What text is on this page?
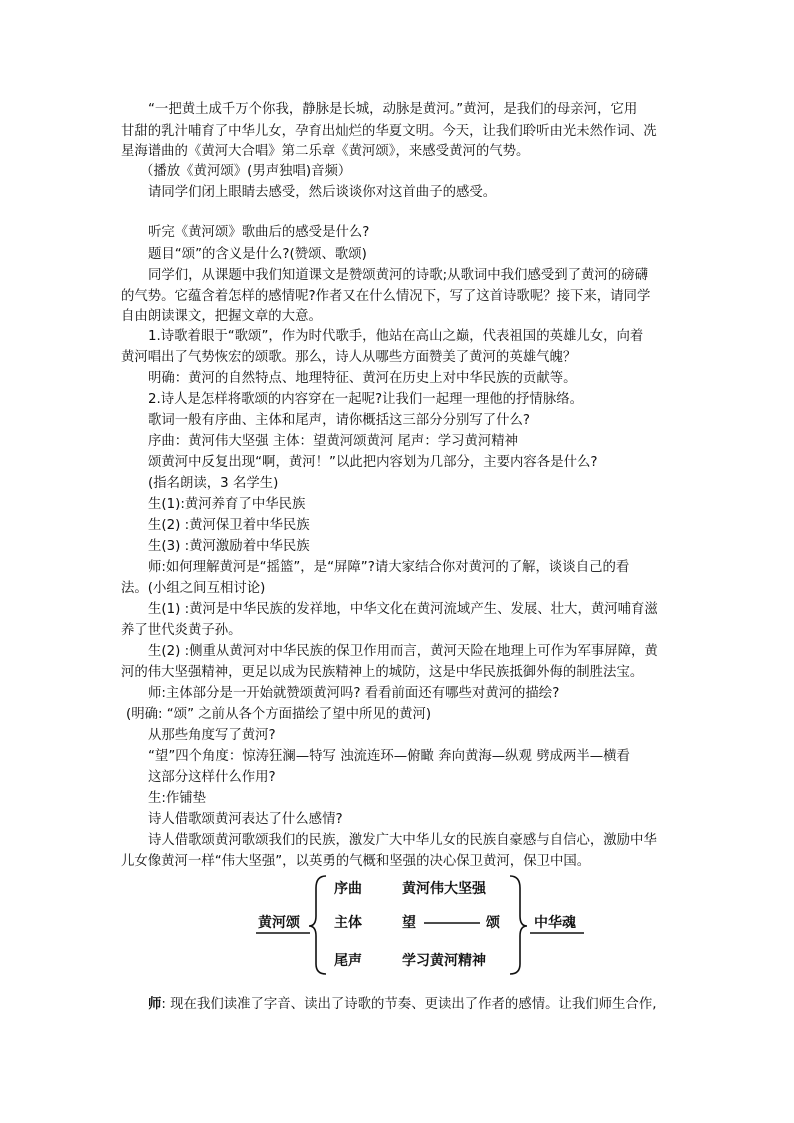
“一把黄土成千万个你我，静脉是长城，动脉是黄河。”黄河，是我们的母亲河，它用
甘甜的乳汁哺育了中华儿女，孕育出灿烂的华夏文明。今天，让我们聆听由光未然作词、冼
星海谱曲的《黄河大合唱》第二乐章《黄河颂》，来感受黄河的气势。
（播放《黄河颂》(男声独唱)音频）
请同学们闭上眼睛去感受，然后谈谈你对这首曲子的感受。
听完《黄河颂》歌曲后的感受是什么?
题目“颂”的含义是什么?(赞颂、歌颂)
同学们，从课题中我们知道课文是赞颂黄河的诗歌;从歌词中我们感受到了黄河的磅礴
的气势。它蕴含着怎样的感情呢?作者又在什么情况下，写了这首诗歌呢？接下来，请同学
自由朗读课文，把握文章的大意。
1.诗歌着眼于“歌颂”，作为时代歌手，他站在高山之巅，代表祖国的英雄儿女，向着
黄河唱出了气势恢宏的颂歌。那么，诗人从哪些方面赞美了黄河的英雄气魄？
明确：黄河的自然特点、地理特征、黄河在历史上对中华民族的贡献等。
2.诗人是怎样将歌颂的内容穿在一起呢?让我们一起理一理他的抒情脉络。
歌词一般有序曲、主体和尾声，请你概括这三部分分别写了什么?
序曲：黄河伟大坚强 主体：望黄河颂黄河 尾声：学习黄河精神
颂黄河中反复出现“啊，黄河！”以此把内容划为几部分，主要内容各是什么?
(指名朗读，3 名学生)
生(1):黄河养育了中华民族
生(2) :黄河保卫着中华民族
生(3) :黄河激励着中华民族
师:如何理解黄河是“摇篮”，是“屏障”?请大家结合你对黄河的了解，谈谈自己的看
法。(小组之间互相讨论)
生(1) :黄河是中华民族的发祥地，中华文化在黄河流域产生、发展、壮大，黄河哺育滋
养了世代炎黄子孙。
生(2) :侧重从黄河对中华民族的保卫作用而言，黄河天险在地理上可作为军事屏障，黄
河的伟大坚强精神，更足以成为民族精神上的城防，这是中华民族抵御外侮的制胜法宝。
师:主体部分是一开始就赞颂黄河吗? 看看前面还有哪些对黄河的描绘?
(明确: “颂” 之前从各个方面描绘了望中所见的黄河)
从那些角度写了黄河?
“望”四个角度：惊涛狂澜—特写 浊流连环—俯瞰 奔向黄海—纵观 劈成两半—横看
这部分这样什么作用?
生:作铺垫
诗人借歌颂黄河表达了什么感情?
诗人借歌颂黄河歌颂我们的民族，激发广大中华儿女的民族自豪感与自信心，激励中华
儿女像黄河一样“伟大坚强”，以英勇的气概和坚强的决心保卫黄河，保卫中国。
黄河颂
序曲
主体
尾声
黄河伟大坚强
望	颂
学习黄河精神
中华魂
师: 现在我们读准了字音、读出了诗歌的节奏、更读出了作者的感情。让我们师生合作,
